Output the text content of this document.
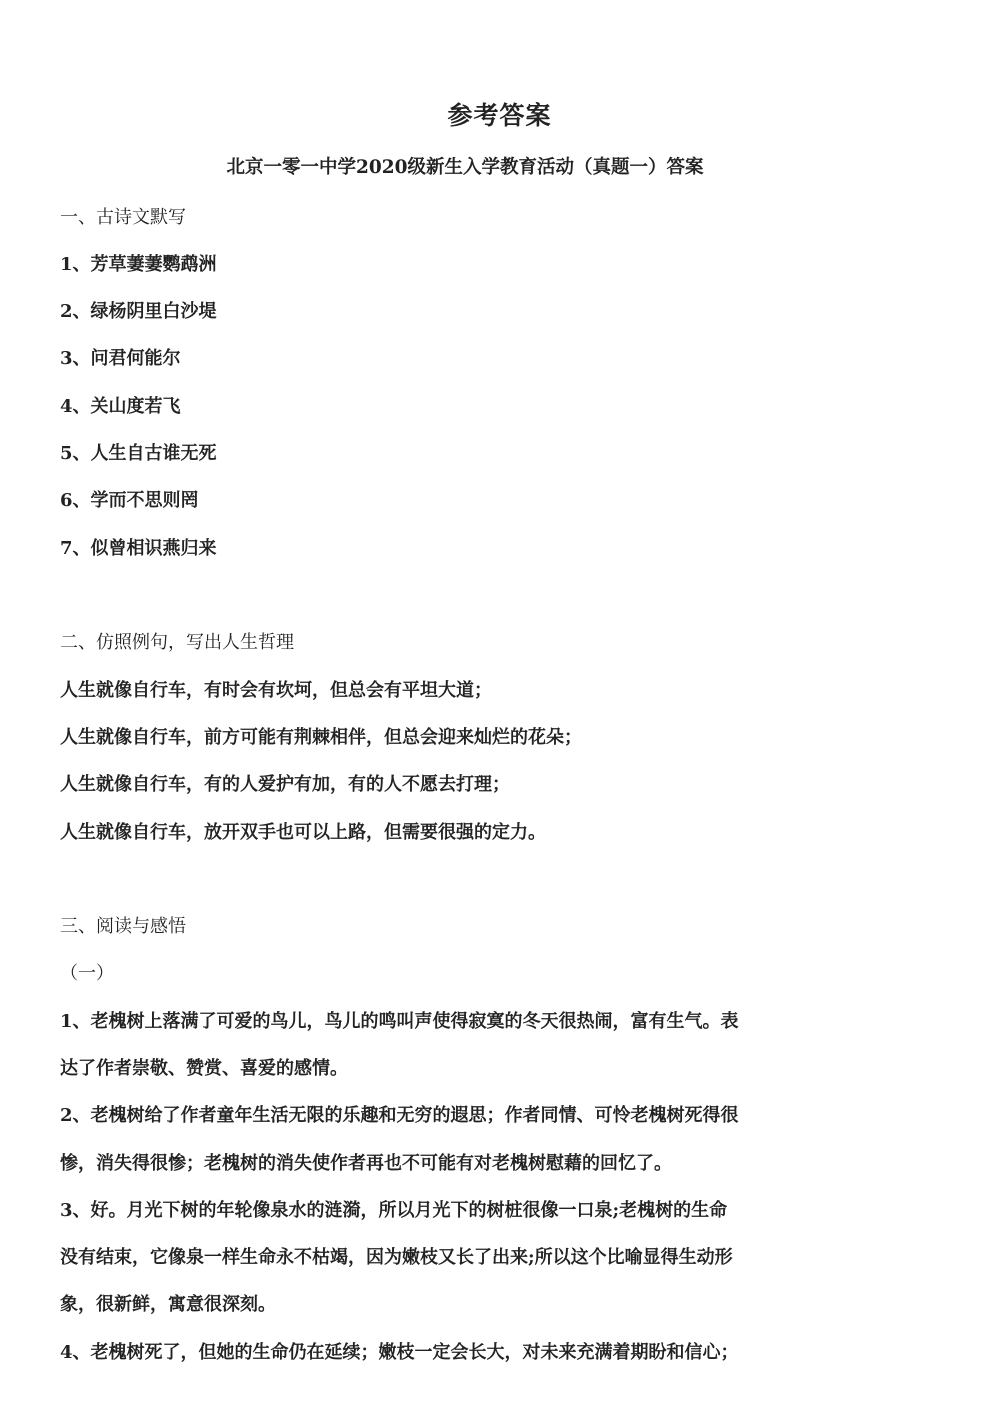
参考答案
北京一零一中学2020级新生入学教育活动（真题一）答案
一、古诗文默写
1、芳草萋萋鹦鹉洲
2、绿杨阴里白沙堤
3、问君何能尔
4、关山度若飞
5、人生自古谁无死
6、学而不思则罔
7、似曾相识燕归来
二、仿照例句，写出人生哲理
人生就像自行车，有时会有坎坷，但总会有平坦大道；
人生就像自行车，前方可能有荆棘相伴，但总会迎来灿烂的花朵；
人生就像自行车，有的人爱护有加，有的人不愿去打理；
人生就像自行车，放开双手也可以上路，但需要很强的定力。
三、阅读与感悟
（一）
1、老槐树上落满了可爱的鸟儿，鸟儿的鸣叫声使得寂寞的冬天很热闹，富有生气。表
达了作者崇敬、赞赏、喜爱的感情。
2、老槐树给了作者童年生活无限的乐趣和无穷的遐思；作者同情、可怜老槐树死得很
惨，消失得很惨；老槐树的消失使作者再也不可能有对老槐树慰藉的回忆了。
3、好。月光下树的年轮像泉水的涟漪，所以月光下的树桩很像一口泉;老槐树的生命
没有结束，它像泉一样生命永不枯竭，因为嫩枝又长了出来;所以这个比喻显得生动形
象，很新鲜，寓意很深刻。
4、老槐树死了，但她的生命仍在延续；嫩枝一定会长大，对未来充满着期盼和信心；
